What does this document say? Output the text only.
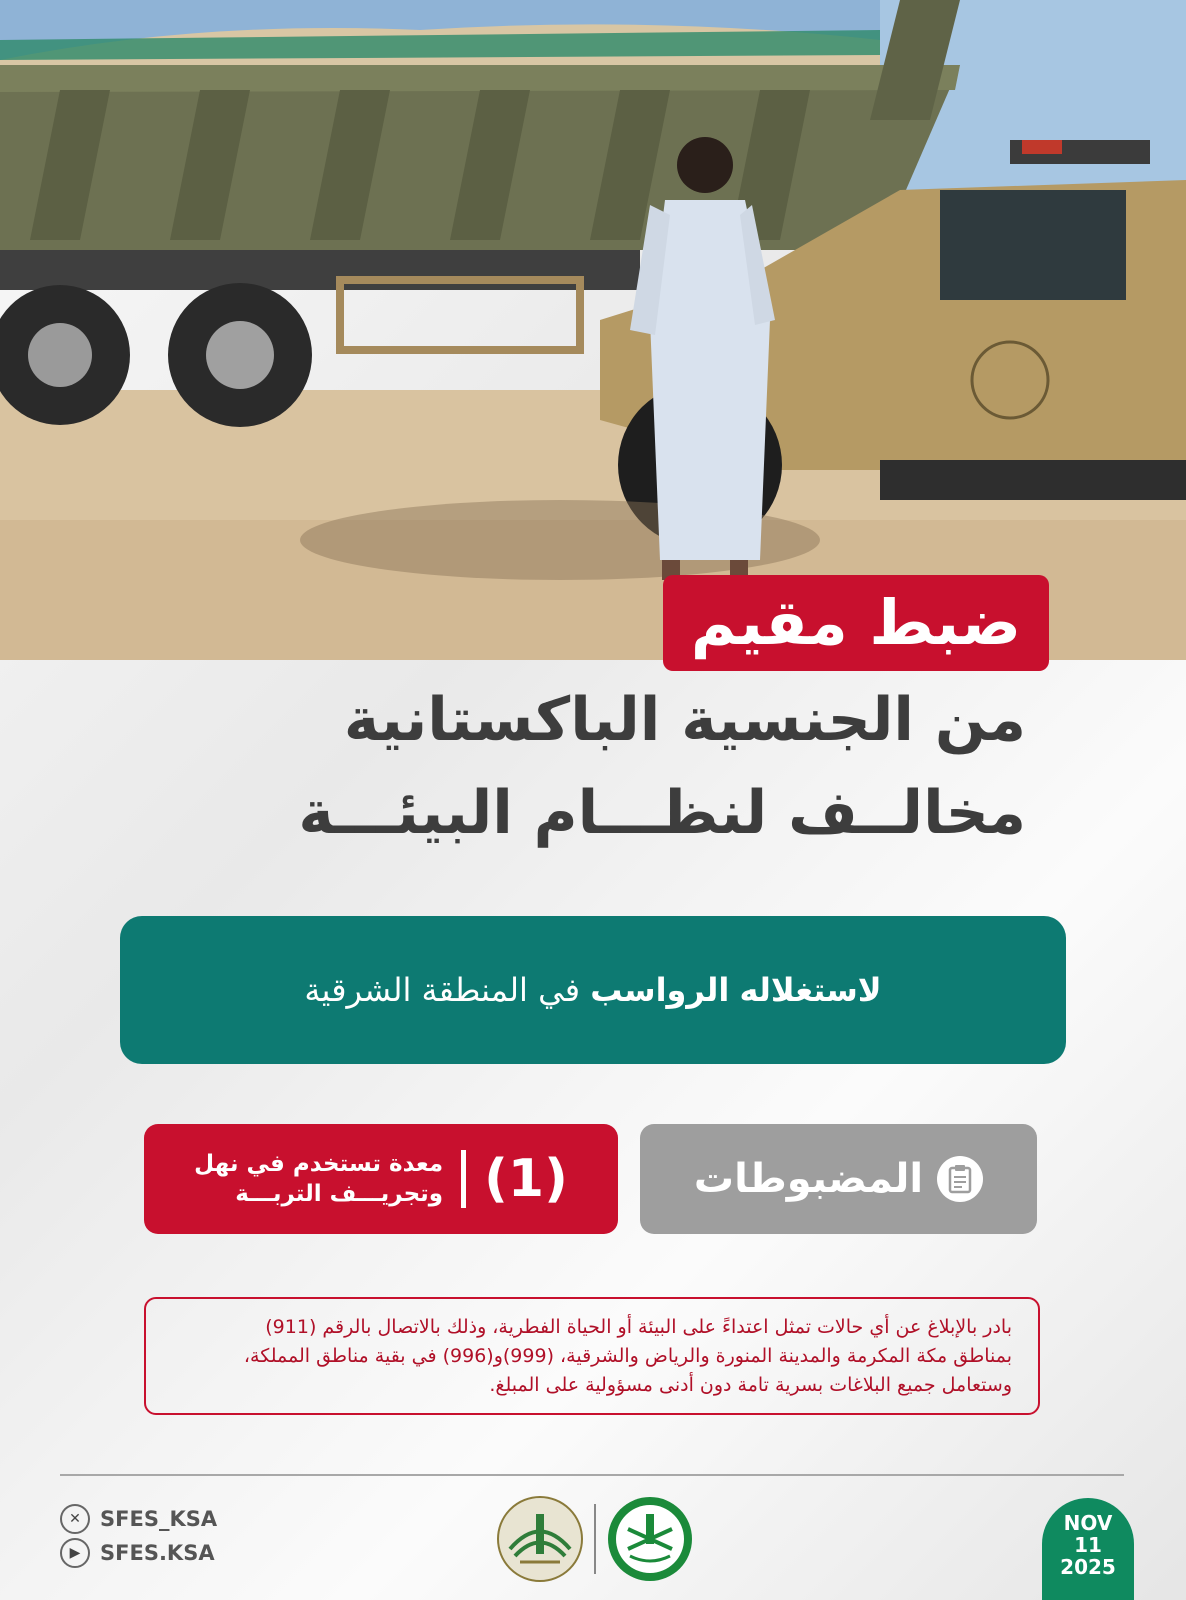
ضبط مقيم
من الجنسية الباكستانية
مخالــف لنظـــام البيئـــة
لاستغلاله

الرواسب

في المنطقة الشرقية
المضبوطات
(1)
معدة تستخدم في نهل
وتجريـــف التربـــة
بادر بالإبلاغ عن أي حالات تمثل اعتداءً على البيئة أو الحياة الفطرية، وذلك بالاتصال بالرقم (911)
بمناطق مكة المكرمة والمدينة المنورة والرياض والشرقية، (999)و(996) في بقية مناطق المملكة،
وستعامل جميع البلاغات بسرية تامة دون أدنى مسؤولية على المبلغ.
✕ SFES_KSA
▶ SFES.KSA
NOV
11
2025
